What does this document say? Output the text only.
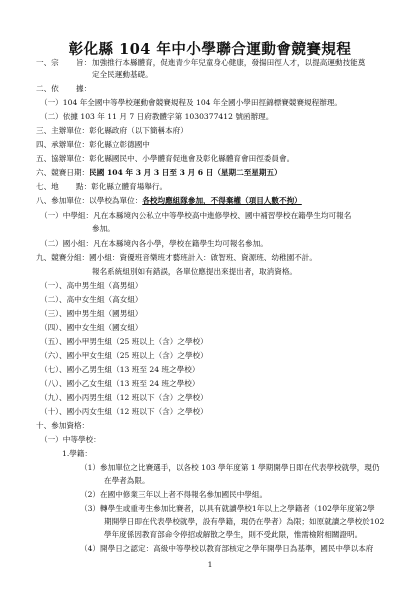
彰化縣 104 年中小學聯合運動會競賽規程
一、宗 旨： 加強推行本縣體育，促進青少年兒童身心健康，發揚田徑人才，以提高運動技能奠
定全民運動基礎。
二、依 據：
（一）104 年全國中等學校運動會競賽規程及 104 年全國小學田徑錦標賽競賽規程辦理。
（二）依據 103 年 11 月 7 日府教體字第 1030377412 號函辦理。
三、主辦單位：彰化縣政府（以下簡稱本府）
四、承辦單位：彰化縣立彰德國中
五、協辦單位：彰化縣國民中、小學體育促進會及彰化縣體育會田徑委員會。
六、競賽日期：民國 104 年 3 月 3 日至 3 月 6 日（星期二至星期五）
七、地 點：彰化縣立體育場舉行。
八、參加單位：以學校為單位：各校均應組隊參加，不得棄權（項目人數不拘）
（一）中學組：凡在本縣境內公私立中等學校高中進修學校、國中補習學校在籍學生均可報名
參加。
（二）國小組：凡在本縣境內各小學，學校在籍學生均可報名參加。
九、競賽分組：國小組：資優班音樂班才藝班計入：啟智班、資源班、幼稚園不計。
報名系統組別如有錯誤，各單位應提出來提出者，取消資格。
（一）、高中男生組（高男組）
（二）、高中女生組（高女組）
（三）、國中男生組（國男組）
（四）、國中女生組（國女組）
（五）、國小甲男生組（25 班以上（含）之學校）
（六）、國小甲女生組（25 班以上（含）之學校）
（七）、國小乙男生組（13 班至 24 班之學校）
（八）、國小乙女生組（13 班至 24 班之學校）
（九）、國小丙男生組（12 班以下（含）之學校）
（十）、國小丙女生組（12 班以下（含）之學校）
十、參加資格：
（一）中等學校：
1.學籍：
（1）參加單位之比賽選手，以各校 103 學年度第 1 學期開學日即在代表學校就學，現仍
在學者為限。
（2）在國中修業三年以上者不得報名參加國民中學組。
（3）轉學生或重考生參加比賽者，以具有就讀學校1年以上之學籍者（102學年度第2學
期開學日即在代表學校就學，設有學籍，現仍在學者）為限；如原就讀之學校於102
學年度係因教育部命令停招或解散之學生，則不受此限，惟需檢附相關證明。
（4）開學日之認定：高級中等學校以教育部核定之學年開學日為基準，國民中學以本府
1
